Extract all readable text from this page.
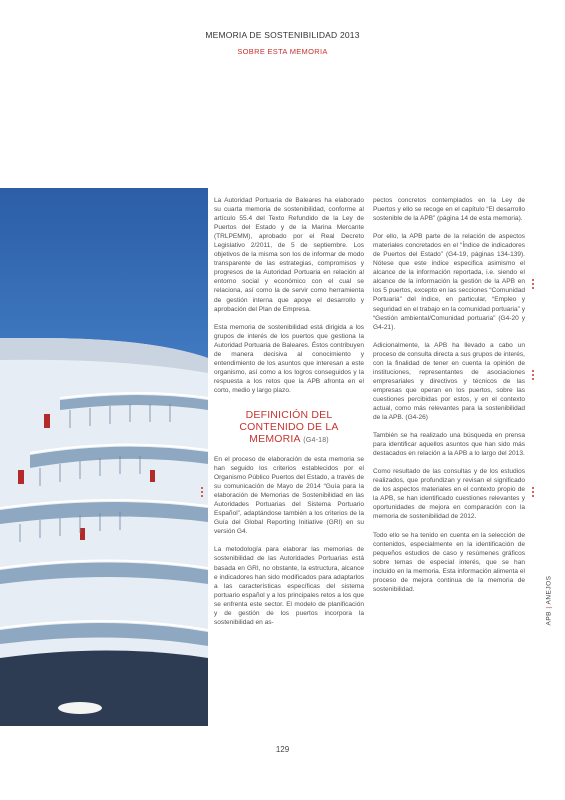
MEMORIA DE SOSTENIBILIDAD 2013
SOBRE ESTA MEMORIA

La Autoridad Portuaria de Baleares ha elaborado su cuarta memoria de sostenibilidad, conforme al artículo 55.4 del Texto Refundido de la Ley de Puertos del Estado y de la Marina Mercante (TRLPEMM), aprobado por el Real Decreto Legislativo 2/2011, de 5 de septiembre. Los objetivos de la misma son los de informar de modo transparente de las estrategias, compromisos y progresos de la Autoridad Portuaria en relación al entorno social y económico con el cual se relaciona, así como la de servir como herramienta de gestión interna que apoye el desarrollo y aprobación del Plan de Empresa.

Esta memoria de sostenibilidad está dirigida a los grupos de interés de los puertos que gestiona la Autoridad Portuaria de Baleares. Éstos contribuyen de manera decisiva al conocimiento y entendimiento de los asuntos que interesan a este organismo, así como a los logros conseguidos y la respuesta a los retos que la APB afronta en el corto, medio y largo plazo.

DEFINICIÓN DEL CONTENIDO DE LA MEMORIA (G4-18)

En el proceso de elaboración de esta memoria se han seguido los criterios establecidos por el Organismo Público Puertos del Estado, a través de su comunicación de Mayo de 2014 “Guía para la elaboración de Memorias de Sostenibilidad en las Autoridades Portuarias del Sistema Portuario Español”, adaptándose también a los criterios de la Guía del Global Reporting Initiative (GRI) en su versión G4.

La metodología para elaborar las memorias de sostenibilidad de las Autoridades Portuarias está basada en GRI, no obstante, la estructura, alcance e indicadores han sido modificados para adaptarlos a las características específicas del sistema portuario español y a los principales retos a los que se enfrenta este sector. El modelo de planificación y de gestión de los puertos incorpora la sostenibilidad en as-

pectos concretos contemplados en la Ley de Puertos y ello se recoge en el capítulo “El desarrollo sostenible de la APB” (página 14 de esta memoria).

Por ello, la APB parte de la relación de aspectos materiales concretados en el “Índice de indicadores de Puertos del Estado” (G4-19, páginas 134-139). Nótese que este índice especifica asimismo el alcance de la información reportada, i.e. siendo el alcance de la información la gestión de la APB en los 5 puertos, excepto en las secciones “Comunidad Portuaria” del índice, en particular, “Empleo y seguridad en el trabajo en la comunidad portuaria” y “Gestión ambiental/Comunidad portuaria” (G4-20 y G4-21).

Adicionalmente, la APB ha llevado a cabo un proceso de consulta directa a sus grupos de interés, con la finalidad de tener en cuenta la opinión de instituciones, representantes de asociaciones empresariales y directivos y técnicos de las empresas que operan en los puertos, sobre las cuestiones percibidas por estos, y en el contexto actual, como más relevantes para la sostenibilidad de la APB. (G4-26)

También se ha realizado una búsqueda en prensa para identificar aquellos asuntos que han sido más destacados en relación a la APB a lo largo del 2013.

Como resultado de las consultas y de los estudios realizados, que profundizan y revisan el significado de los aspectos materiales en el contexto propio de la APB, se han identificado cuestiones relevantes y oportunidades de mejora en comparación con la memoria de sostenibilidad de 2012.

Todo ello se ha tenido en cuenta en la selección de contenidos, especialmente en la identificación de pequeños estudios de caso y resúmenes gráficos sobre temas de especial interés, que se han incluido en la memoria. Esta información alimenta el proceso de mejora continua de la memoria de sostenibilidad.

APB | ANEJOS
129
